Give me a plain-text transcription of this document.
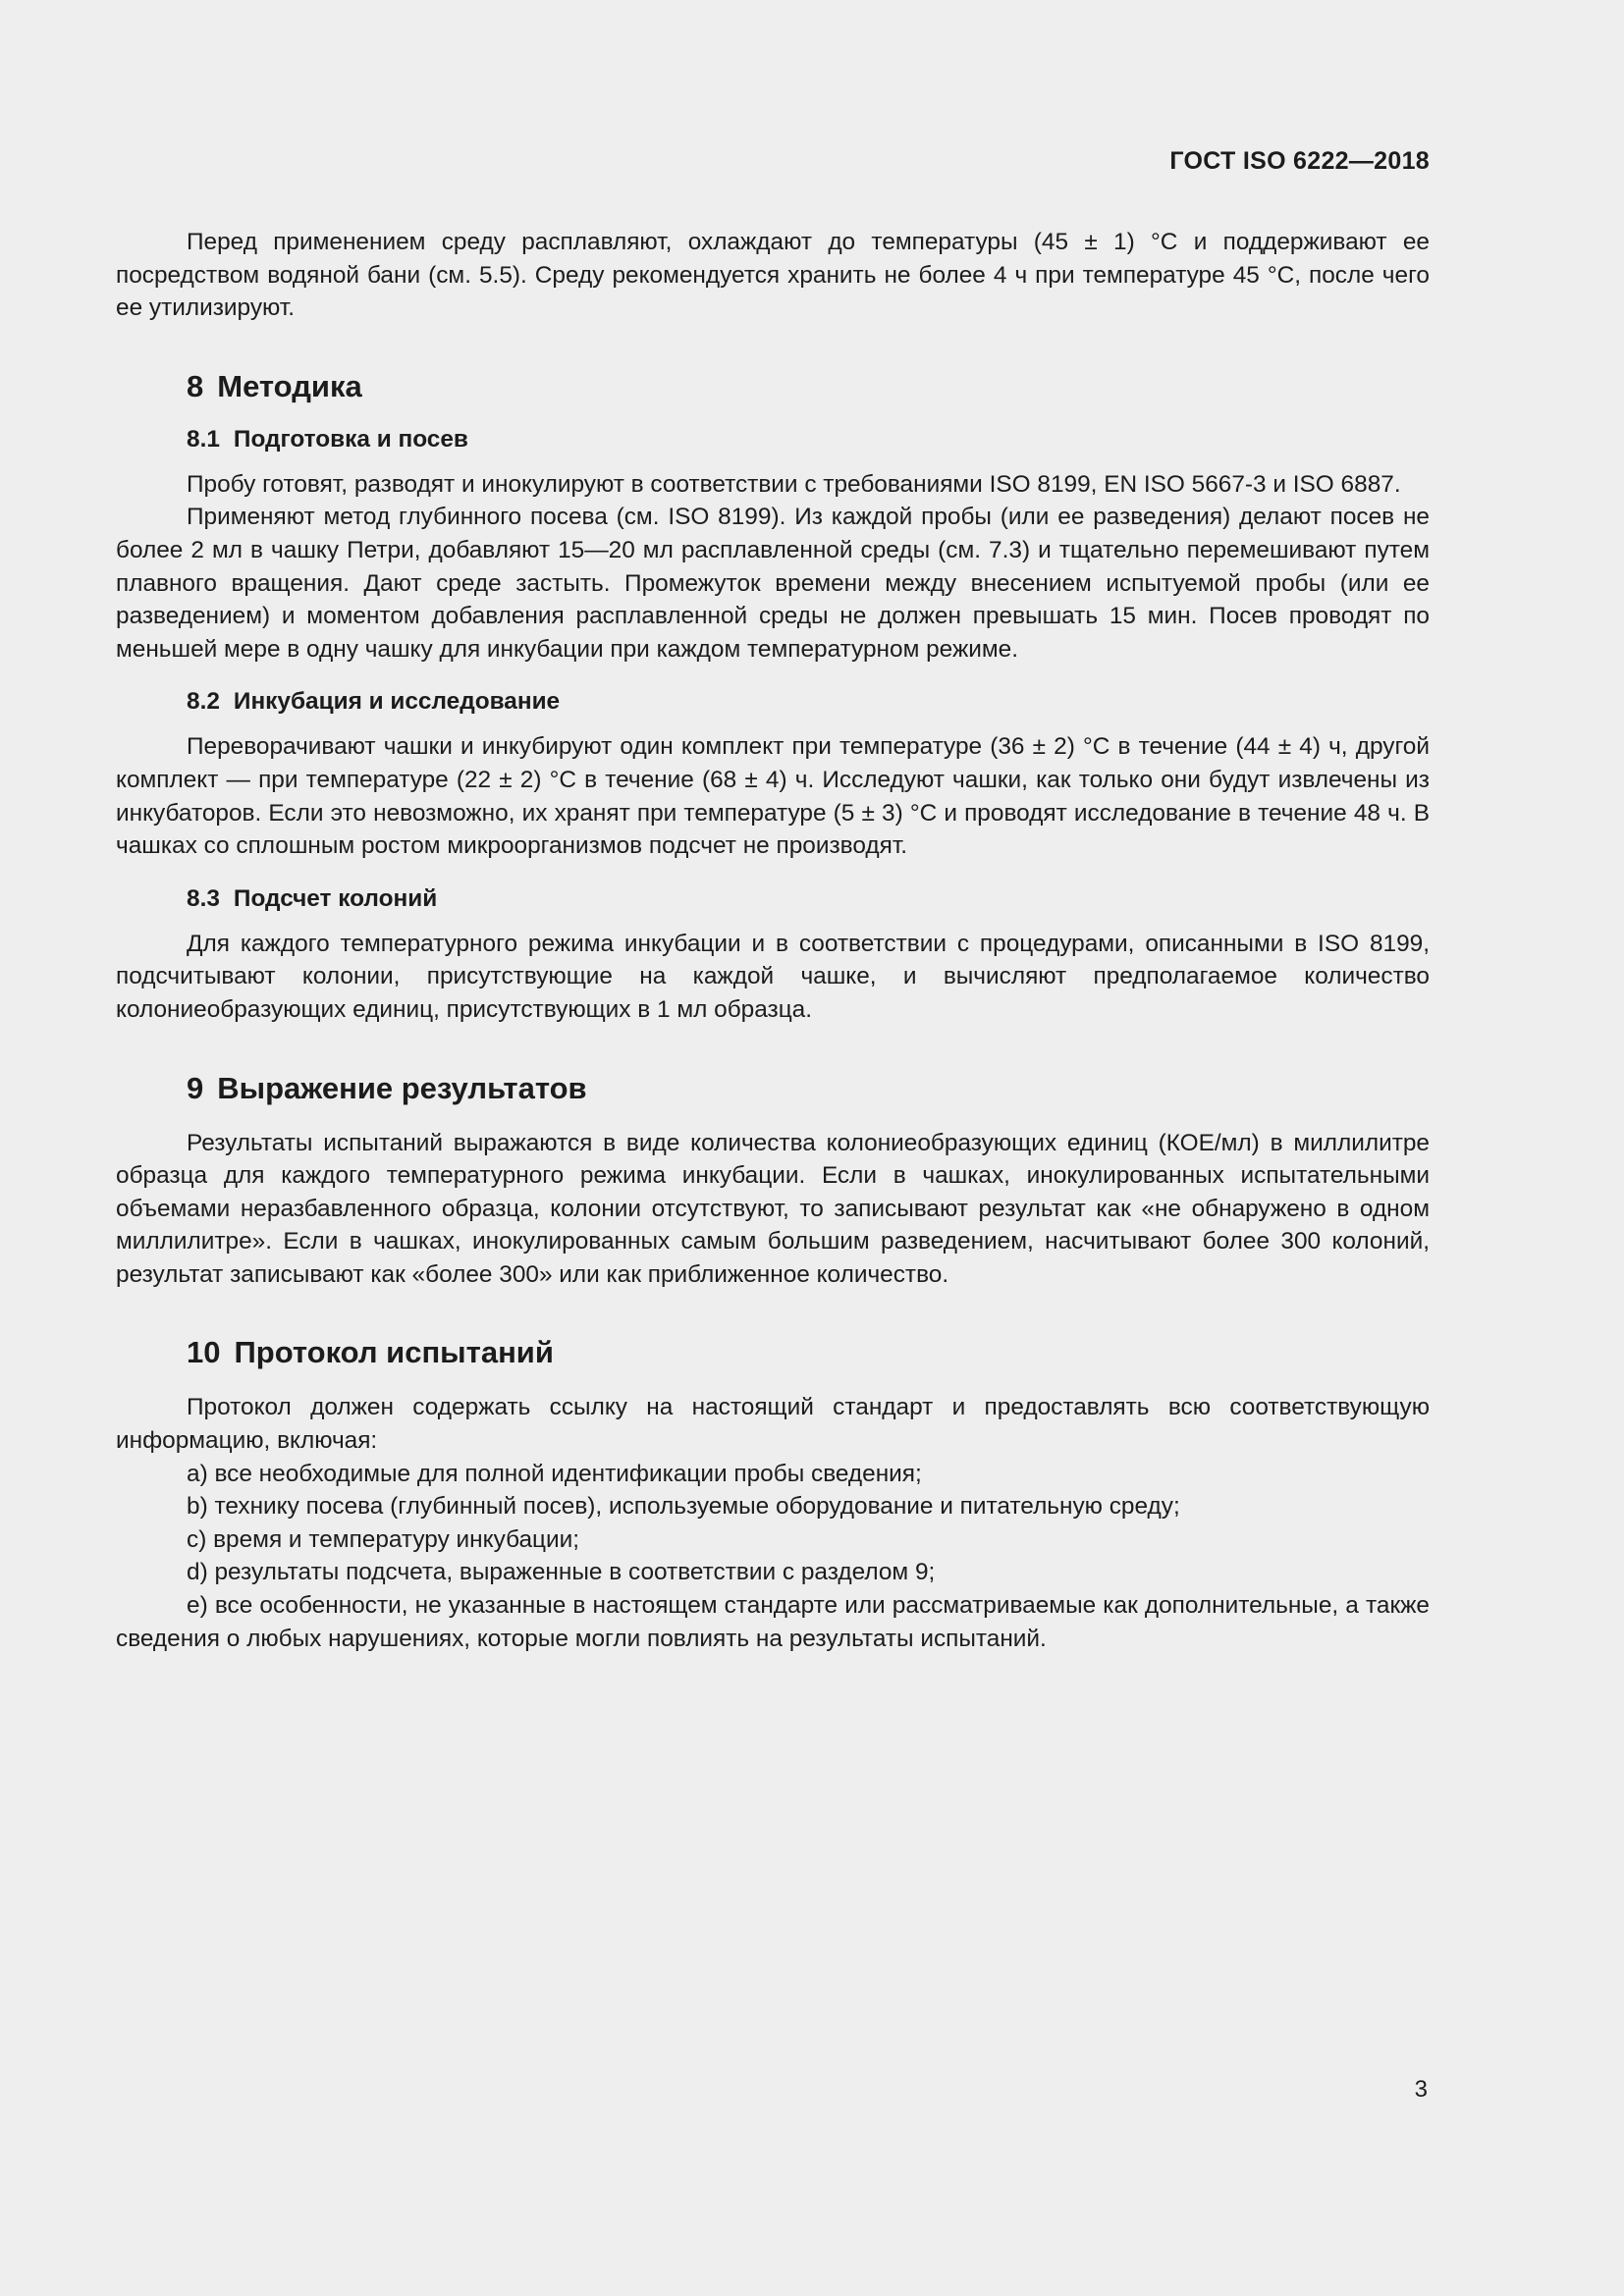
ГОСТ ISO 6222—2018

Перед применением среду расплавляют, охлаждают до температуры (45 ± 1) °С и поддерживают ее посредством водяной бани (см. 5.5). Среду рекомендуется хранить не более 4 ч при температуре 45 °С, после чего ее утилизируют.

8 Методика
8.1 Подготовка и посев

Пробу готовят, разводят и инокулируют в соответствии с требованиями ISO 8199, EN ISO 5667-3 и ISO 6887.

Применяют метод глубинного посева (см. ISO 8199). Из каждой пробы (или ее разведения) делают посев не более 2 мл в чашку Петри, добавляют 15—20 мл расплавленной среды (см. 7.3) и тщательно перемешивают путем плавного вращения. Дают среде застыть. Промежуток времени между внесением испытуемой пробы (или ее разведением) и моментом добавления расплавленной среды не должен превышать 15 мин. Посев проводят по меньшей мере в одну чашку для инкубации при каждом температурном режиме.

8.2 Инкубация и исследование

Переворачивают чашки и инкубируют один комплект при температуре (36 ± 2) °С в течение (44 ± 4) ч, другой комплект — при температуре (22 ± 2) °С в течение (68 ± 4) ч. Исследуют чашки, как только они будут извлечены из инкубаторов. Если это невозможно, их хранят при температуре (5 ± 3) °С и проводят исследование в течение 48 ч. В чашках со сплошным ростом микроорганизмов подсчет не производят.

8.3 Подсчет колоний

Для каждого температурного режима инкубации и в соответствии с процедурами, описанными в ISO 8199, подсчитывают колонии, присутствующие на каждой чашке, и вычисляют предполагаемое количество колониеобразующих единиц, присутствующих в 1 мл образца.

9 Выражение результатов

Результаты испытаний выражаются в виде количества колониеобразующих единиц (КОЕ/мл) в миллилитре образца для каждого температурного режима инкубации. Если в чашках, инокулированных испытательными объемами неразбавленного образца, колонии отсутствуют, то записывают результат как «не обнаружено в одном миллилитре». Если в чашках, инокулированных самым большим разведением, насчитывают более 300 колоний, результат записывают как «более 300» или как приближенное количество.

10 Протокол испытаний

Протокол должен содержать ссылку на настоящий стандарт и предоставлять всю соответствующую информацию, включая:

a) все необходимые для полной идентификации пробы сведения;

b) технику посева (глубинный посев), используемые оборудование и питательную среду;

c) время и температуру инкубации;

d) результаты подсчета, выраженные в соответствии с разделом 9;

e) все особенности, не указанные в настоящем стандарте или рассматриваемые как дополнительные, а также сведения о любых нарушениях, которые могли повлиять на результаты испытаний.

3
